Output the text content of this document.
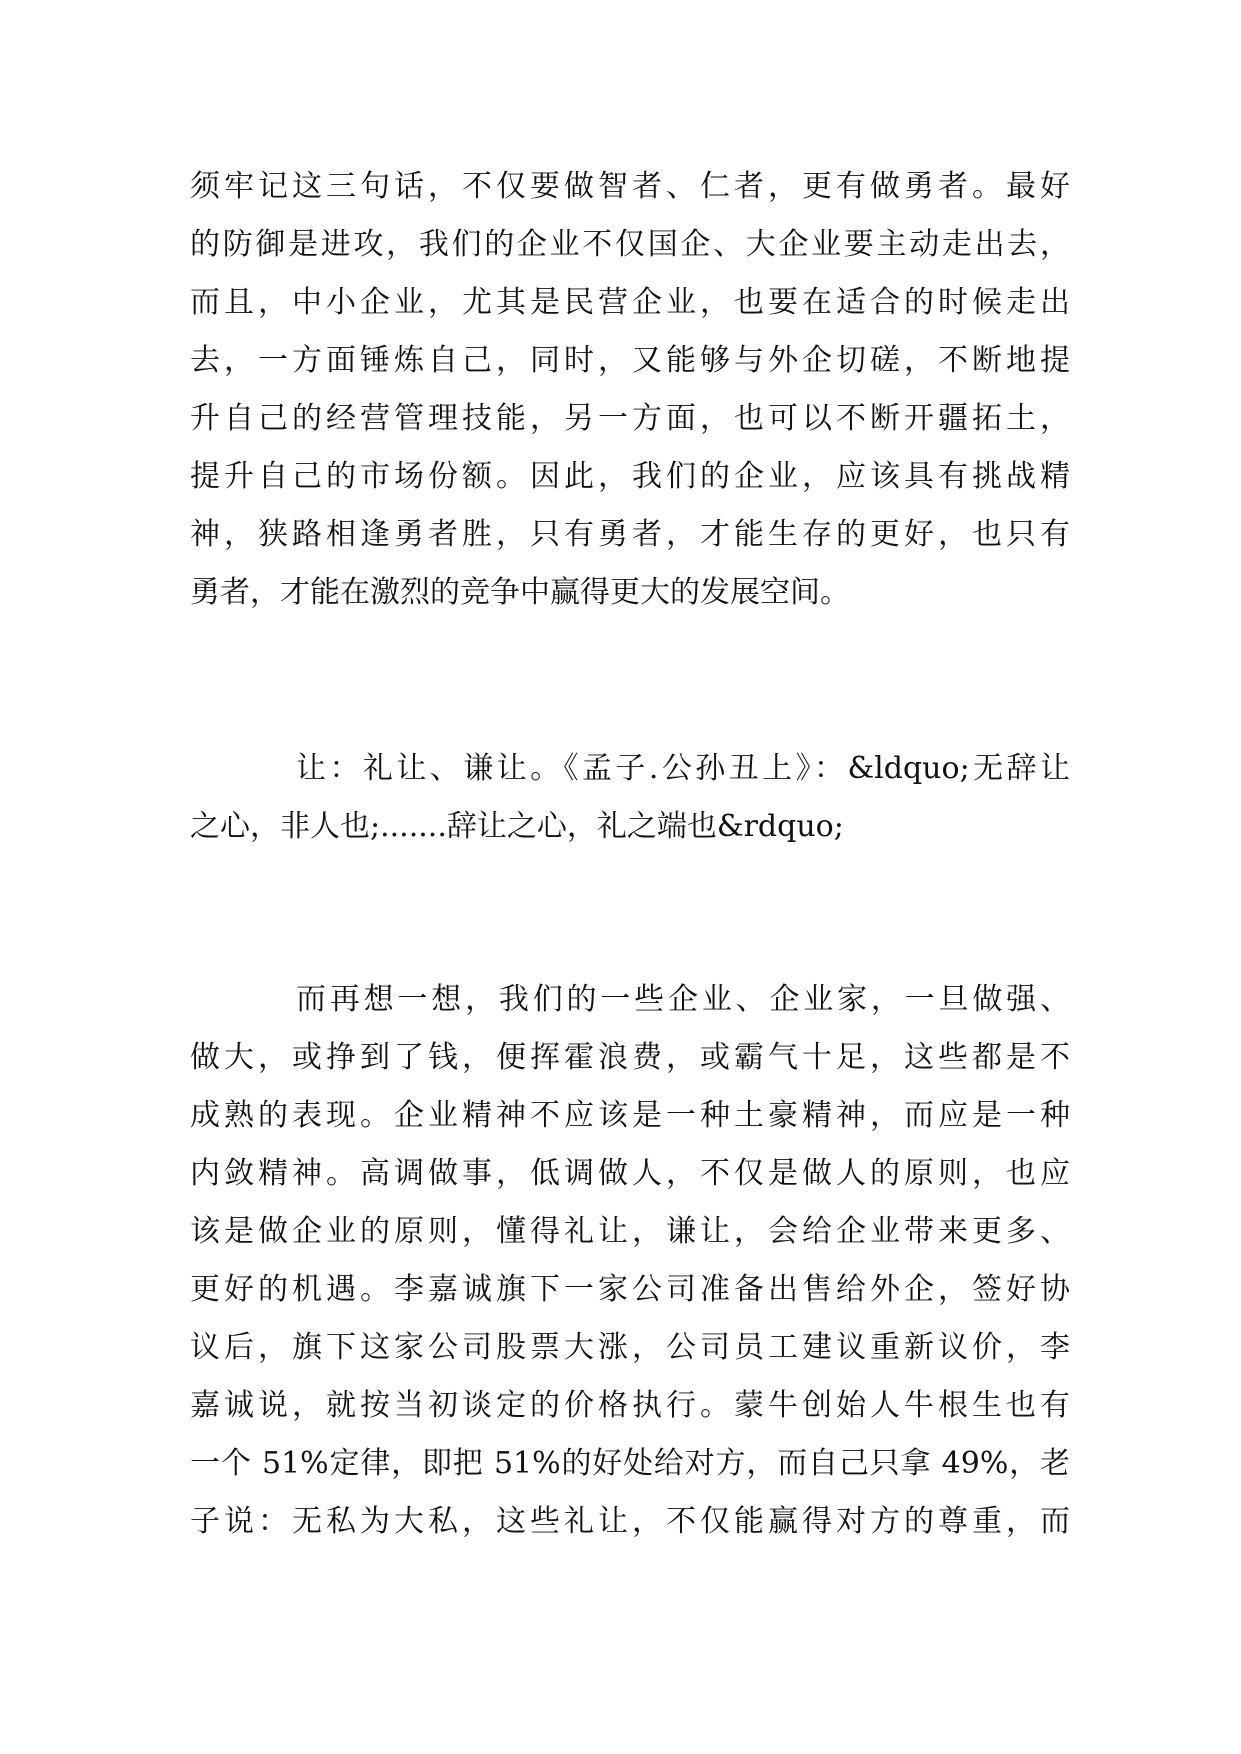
须牢记这三句话，不仅要做智者、仁者，更有做勇者。最好
的防御是进攻，我们的企业不仅国企、大企业要主动走出去，
而且，中小企业，尤其是民营企业，也要在适合的时候走出
去，一方面锤炼自己，同时，又能够与外企切磋，不断地提
升自己的经营管理技能，另一方面，也可以不断开疆拓土，
提升自己的市场份额。因此，我们的企业，应该具有挑战精
神，狭路相逢勇者胜，只有勇者，才能生存的更好，也只有
勇者，才能在激烈的竞争中赢得更大的发展空间。
让：礼让、谦让。《孟子.公孙丑上》：&ldquo;无辞让
之心，非人也;.......辞让之心，礼之端也&rdquo;
而再想一想，我们的一些企业、企业家，一旦做强、
做大，或挣到了钱，便挥霍浪费，或霸气十足，这些都是不
成熟的表现。企业精神不应该是一种土豪精神，而应是一种
内敛精神。高调做事，低调做人，不仅是做人的原则，也应
该是做企业的原则，懂得礼让，谦让，会给企业带来更多、
更好的机遇。李嘉诚旗下一家公司准备出售给外企，签好协
议后，旗下这家公司股票大涨，公司员工建议重新议价，李
嘉诚说，就按当初谈定的价格执行。蒙牛创始人牛根生也有
一个 51%定律，即把 51%的好处给对方，而自己只拿 49%，老
子说：无私为大私，这些礼让，不仅能赢得对方的尊重，而
